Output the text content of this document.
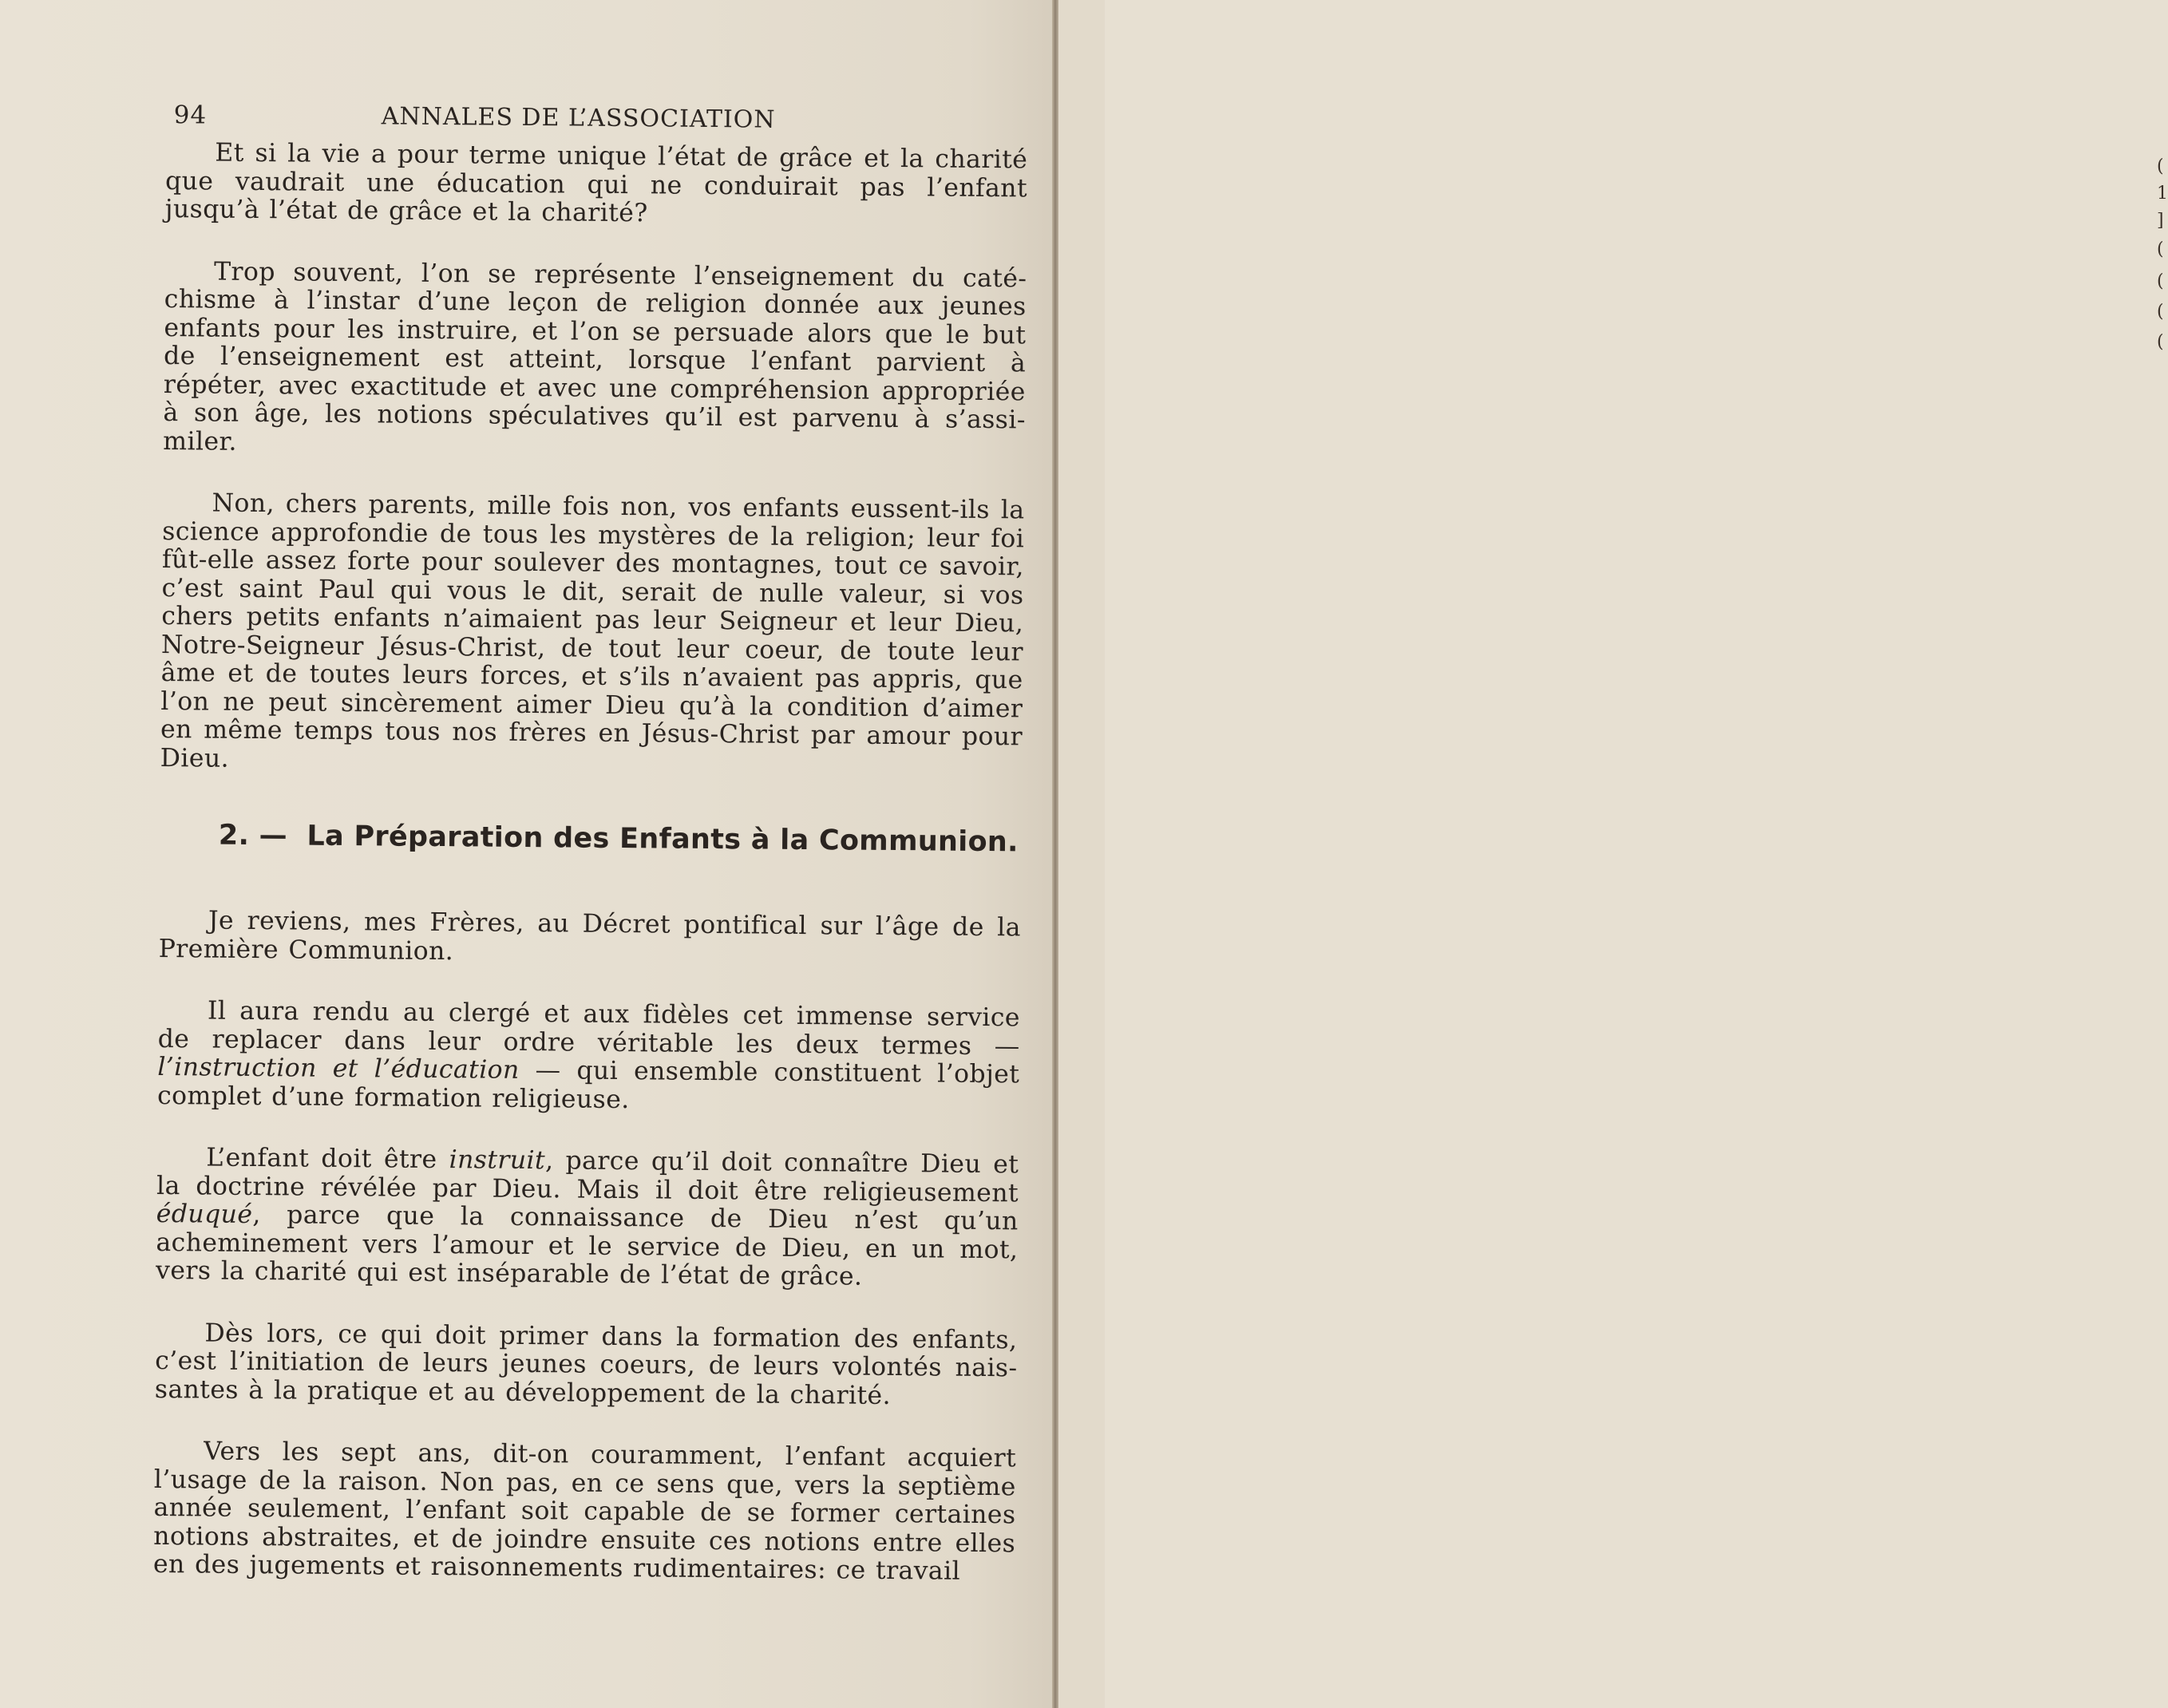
(
1
]
(
(
(
(
94	ANNALES DE L’ASSOCIATION

Et si la vie a pour terme unique l’état de grâce et la charité que vaudrait une éducation qui ne conduirait pas l’enfant jusqu’à l’état de grâce et la charité?

Trop souvent, l’on se représente l’enseignement du catéchisme à l’instar d’une leçon de religion donnée aux jeunes enfants pour les instruire, et l’on se persuade alors que le but de l’enseignement est atteint, lorsque l’enfant parvient à répéter, avec exactitude et avec une compréhension appropriée à son âge, les notions spéculatives qu’il est parvenu à s’assimiler.

Non, chers parents, mille fois non, vos enfants eussent-ils la science approfondie de tous les mystères de la religion; leur foi fût-elle assez forte pour soulever des montagnes, tout ce savoir, c’est saint Paul qui vous le dit, serait de nulle valeur, si vos chers petits enfants n’aimaient pas leur Seigneur et leur Dieu, Notre-Seigneur Jésus-Christ, de tout leur coeur, de toute leur âme et de toutes leurs forces, et s’ils n’avaient pas appris, que l’on ne peut sincèrement aimer Dieu qu’à la condition d’aimer en même temps tous nos frères en Jésus-Christ par amour pour Dieu.

2. — La Préparation des Enfants à la Communion.

Je reviens, mes Frères, au Décret pontifical sur l’âge de la Première Communion.

Il aura rendu au clergé et aux fidèles cet immense service de replacer dans leur ordre véritable les deux termes — l’instruction et l’éducation — qui ensemble constituent l’objet complet d’une formation religieuse.

L’enfant doit être instruit, parce qu’il doit connaître Dieu et la doctrine révélée par Dieu. Mais il doit être religieusement éduqué, parce que la connaissance de Dieu n’est qu’un acheminement vers l’amour et le service de Dieu, en un mot, vers la charité qui est inséparable de l’état de grâce.

Dès lors, ce qui doit primer dans la formation des enfants, c’est l’initiation de leurs jeunes coeurs, de leurs volontés naissantes à la pratique et au développement de la charité.

Vers les sept ans, dit-on couramment, l’enfant acquiert l’usage de la raison. Non pas, en ce sens que, vers la septième année seulement, l’enfant soit capable de se former certaines notions abstraites, et de joindre ensuite ces notions entre elles en des jugements et raisonnements rudimentaires: ce travail
